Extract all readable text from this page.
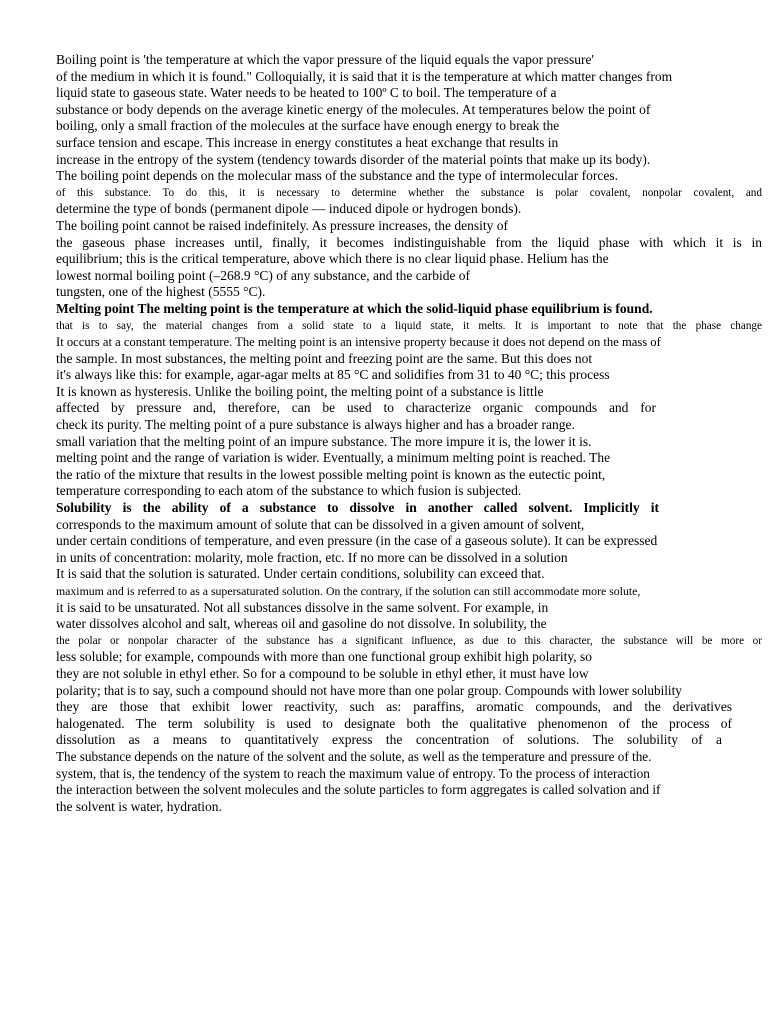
Boiling point is 'the temperature at which the vapor pressure of the liquid equals the vapor pressure'
of the medium in which it is found." Colloquially, it is said that it is the temperature at which matter changes from
liquid state to gaseous state. Water needs to be heated to 100º C to boil. The temperature of a
substance or body depends on the average kinetic energy of the molecules. At temperatures below the point of
boiling, only a small fraction of the molecules at the surface have enough energy to break the
surface tension and escape. This increase in energy constitutes a heat exchange that results in
increase in the entropy of the system (tendency towards disorder of the material points that make up its body).
The boiling point depends on the molecular mass of the substance and the type of intermolecular forces.
of this substance. To do this, it is necessary to determine whether the substance is polar covalent, nonpolar covalent, and
determine the type of bonds (permanent dipole — induced dipole or hydrogen bonds).
The boiling point cannot be raised indefinitely. As pressure increases, the density of
the gaseous phase increases until, finally, it becomes indistinguishable from the liquid phase with which it is in
equilibrium; this is the critical temperature, above which there is no clear liquid phase. Helium has the
lowest normal boiling point (–268.9 °C) of any substance, and the carbide of
tungsten, one of the highest (5555 °C).
Melting point The melting point is the temperature at which the solid-liquid phase equilibrium is found.
that is to say, the material changes from a solid state to a liquid state, it melts. It is important to note that the phase change
It occurs at a constant temperature. The melting point is an intensive property because it does not depend on the mass of
the sample. In most substances, the melting point and freezing point are the same. But this does not
it's always like this: for example, agar-agar melts at 85 °C and solidifies from 31 to 40 °C; this process
It is known as hysteresis. Unlike the boiling point, the melting point of a substance is little
affected by pressure and, therefore, can be used to characterize organic compounds and for
check its purity. The melting point of a pure substance is always higher and has a broader range.
small variation that the melting point of an impure substance. The more impure it is, the lower it is.
melting point and the range of variation is wider. Eventually, a minimum melting point is reached. The
the ratio of the mixture that results in the lowest possible melting point is known as the eutectic point,
temperature corresponding to each atom of the substance to which fusion is subjected.
Solubility is the ability of a substance to dissolve in another called solvent. Implicitly it
corresponds to the maximum amount of solute that can be dissolved in a given amount of solvent,
under certain conditions of temperature, and even pressure (in the case of a gaseous solute). It can be expressed
in units of concentration: molarity, mole fraction, etc. If no more can be dissolved in a solution
It is said that the solution is saturated. Under certain conditions, solubility can exceed that.
maximum and is referred to as a supersaturated solution. On the contrary, if the solution can still accommodate more solute,
it is said to be unsaturated. Not all substances dissolve in the same solvent. For example, in
water dissolves alcohol and salt, whereas oil and gasoline do not dissolve. In solubility, the
the polar or nonpolar character of the substance has a significant influence, as due to this character, the substance will be more or
less soluble; for example, compounds with more than one functional group exhibit high polarity, so
they are not soluble in ethyl ether. So for a compound to be soluble in ethyl ether, it must have low
polarity; that is to say, such a compound should not have more than one polar group. Compounds with lower solubility
they are those that exhibit lower reactivity, such as: paraffins, aromatic compounds, and the derivatives
halogenated. The term solubility is used to designate both the qualitative phenomenon of the process of
dissolution as a means to quantitatively express the concentration of solutions. The solubility of a
The substance depends on the nature of the solvent and the solute, as well as the temperature and pressure of the.
system, that is, the tendency of the system to reach the maximum value of entropy. To the process of interaction
the interaction between the solvent molecules and the solute particles to form aggregates is called solvation and if
the solvent is water, hydration.
